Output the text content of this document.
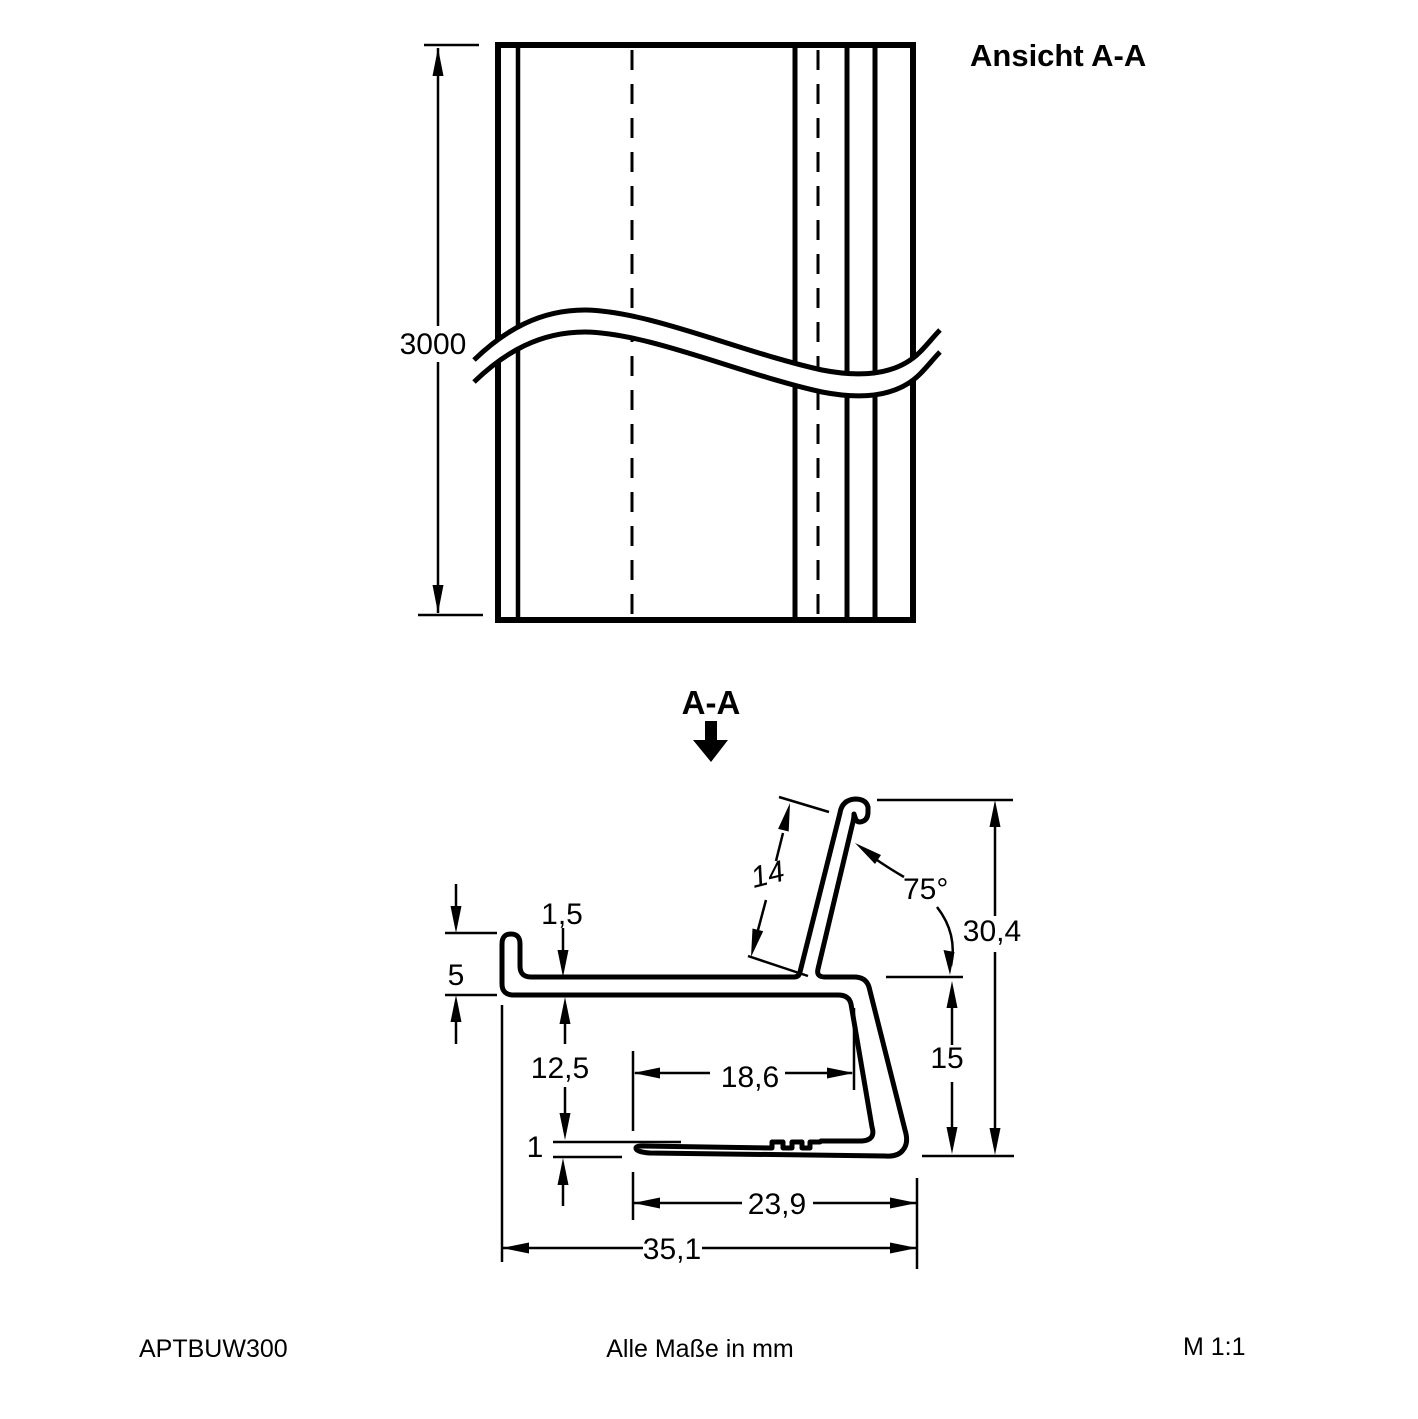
3000
Ansicht A-A
A-A
1,5
5
12,5
1
18,6
23,9
35,1
30,4
15
75°
14
APTBUW300	Alle Maße in mm	M 1:1
